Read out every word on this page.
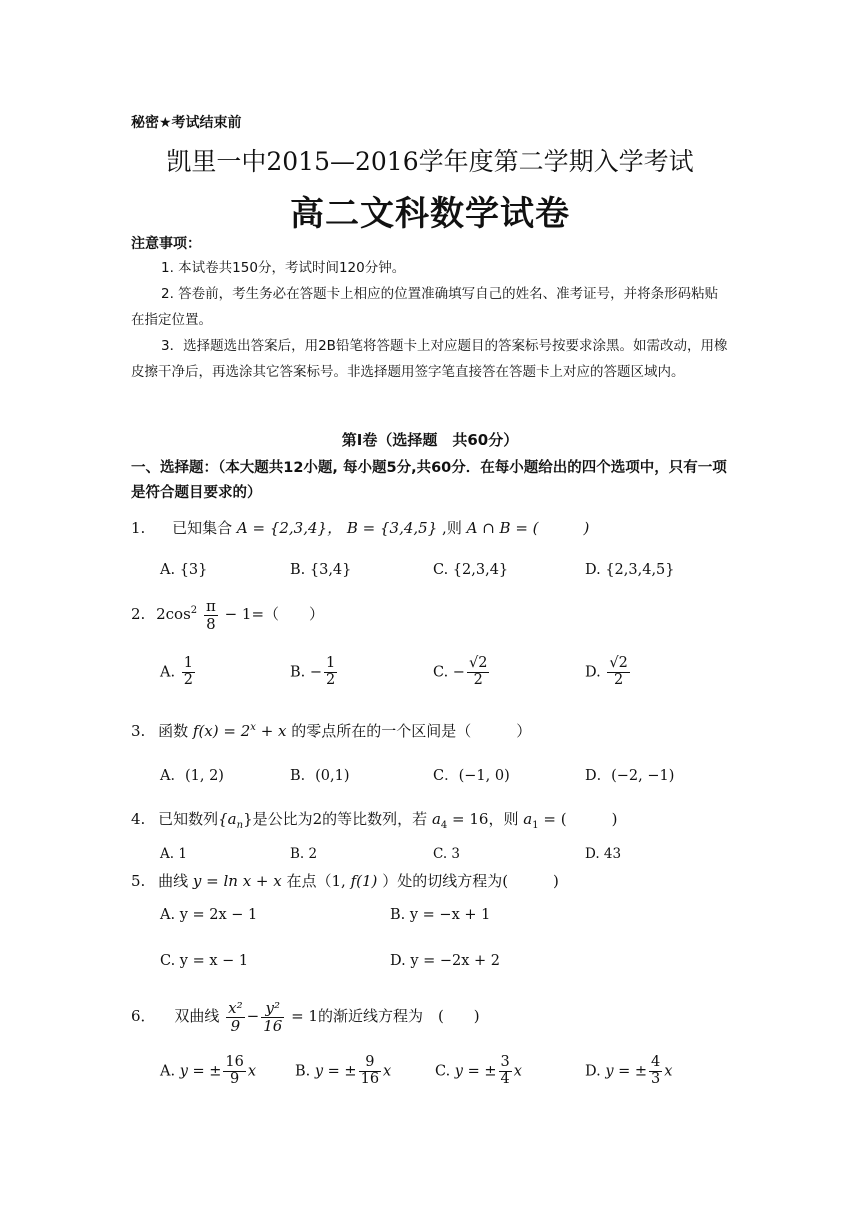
秘密★考试结束前
凯里一中2015—2016学年度第二学期入学考试
高二文科数学试卷
注意事项：
1. 本试卷共150分，考试时间120分钟。
2. 答卷前，考生务必在答题卡上相应的位置准确填写自己的姓名、准考证号，并将条形码粘贴在指定位置。
3．选择题选出答案后，用2B铅笔将答题卡上对应题目的答案标号按要求涂黑。如需改动，用橡皮擦干净后，再选涂其它答案标号。非选择题用签字笔直接答在答题卡上对应的答题区域内。
第Ⅰ卷（选择题　共60分）
一、选择题：（本大题共12小题, 每小题5分,共60分．在每小题给出的四个选项中，只有一项是符合题目要求的）
1. 已知集合 A = {2,3,4}， B = {3,4,5} ,则 A ∩ B = (　　　)
A. {3}	B. {3,4}	C. {2,3,4}	D. {2,3,4,5}
2. $2\cos^2 \frac{\pi}{8} - 1=$（　　）
A. $\frac{1}{2}$	B. − $\frac{1}{2}$	C. − $\frac{√2}{2}$	D. $\frac{√2}{2}$
3. 函数 $f(x) = 2^x + x$ 的零点所在的一个区间是（　　　）
A．(1, 2)	B．(0,1)	C．(−1, 0)	D．(−2, −1)
4. 已知数列$\{a_n\}$是公比为2的等比数列，若 $a_4 = 16$，则 $a_1$ = (　　　)
A. 1	B. 2	C. 3	D. 43
5. 曲线 y = ln x + x 在点（1, f(1) ）处的切线方程为(　　　)
A. y = 2x − 1	B. y = −x + 1
C. y = x − 1	D. y = −2x + 2
6． 双曲线 $\frac{\text{x²}}{9} - \frac{\text{y²}}{16} = 1$的渐近线方程为　(　　)
A. y = ± $\frac{16}{9}$ x	B. y = ± $\frac{9}{16}$ x	C. y = ± $\frac{3}{4}$ x	D. y = ± $\frac{4}{3}$ x
